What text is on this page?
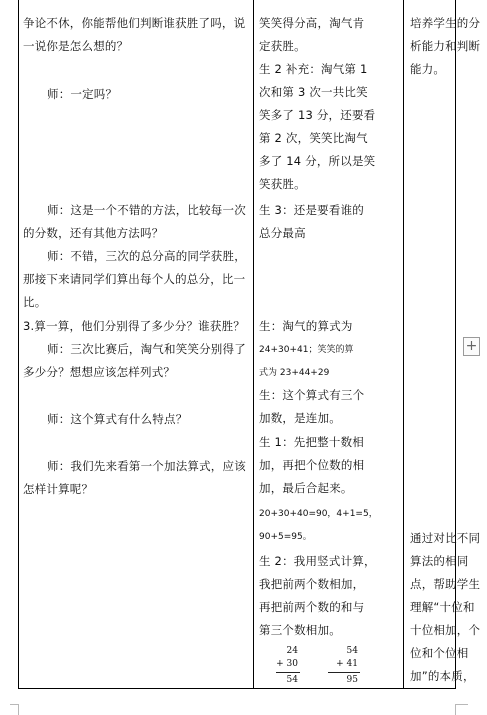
争论不休，你能帮他们判断谁获胜了吗，说
一说你是怎么想的？
师：一定吗？
师：这是一个不错的方法，比较每一次
的分数，还有其他方法吗？
师：不错，三次的总分高的同学获胜，
那接下来请同学们算出每个人的总分，比一
比。
3.算一算，他们分别得了多少分？谁获胜？
师：三次比赛后，淘气和笑笑分别得了
多少分？想想应该怎样列式？
师：这个算式有什么特点？
师：我们先来看第一个加法算式，应该
怎样计算呢？
笑笑得分高，淘气肯
定获胜。
生 2 补充：淘气第 1
次和第 3 次一共比笑
笑多了 13 分，还要看
第 2 次，笑笑比淘气
多了 14 分，所以是笑
笑获胜。
生 3：还是要看谁的
总分最高
生：淘气的算式为
24+30+41；笑笑的算
式为 23+44+29
生：这个算式有三个
加数，是连加。
生 1：先把整十数相
加，再把个位数的相
加，最后合起来。
20+30+40=90，4+1=5，
90+5=95。
生 2：我用竖式计算，
我把前两个数相加，
再把前两个数的和与
第三个数相加。
24
+ 30
54
54
+ 41
95
培养学生的分
析能力和判断
能力。
通过对比不同
算法的相同
点，帮助学生
理解“十位和
十位相加，个
位和个位相
加”的本质，
+
